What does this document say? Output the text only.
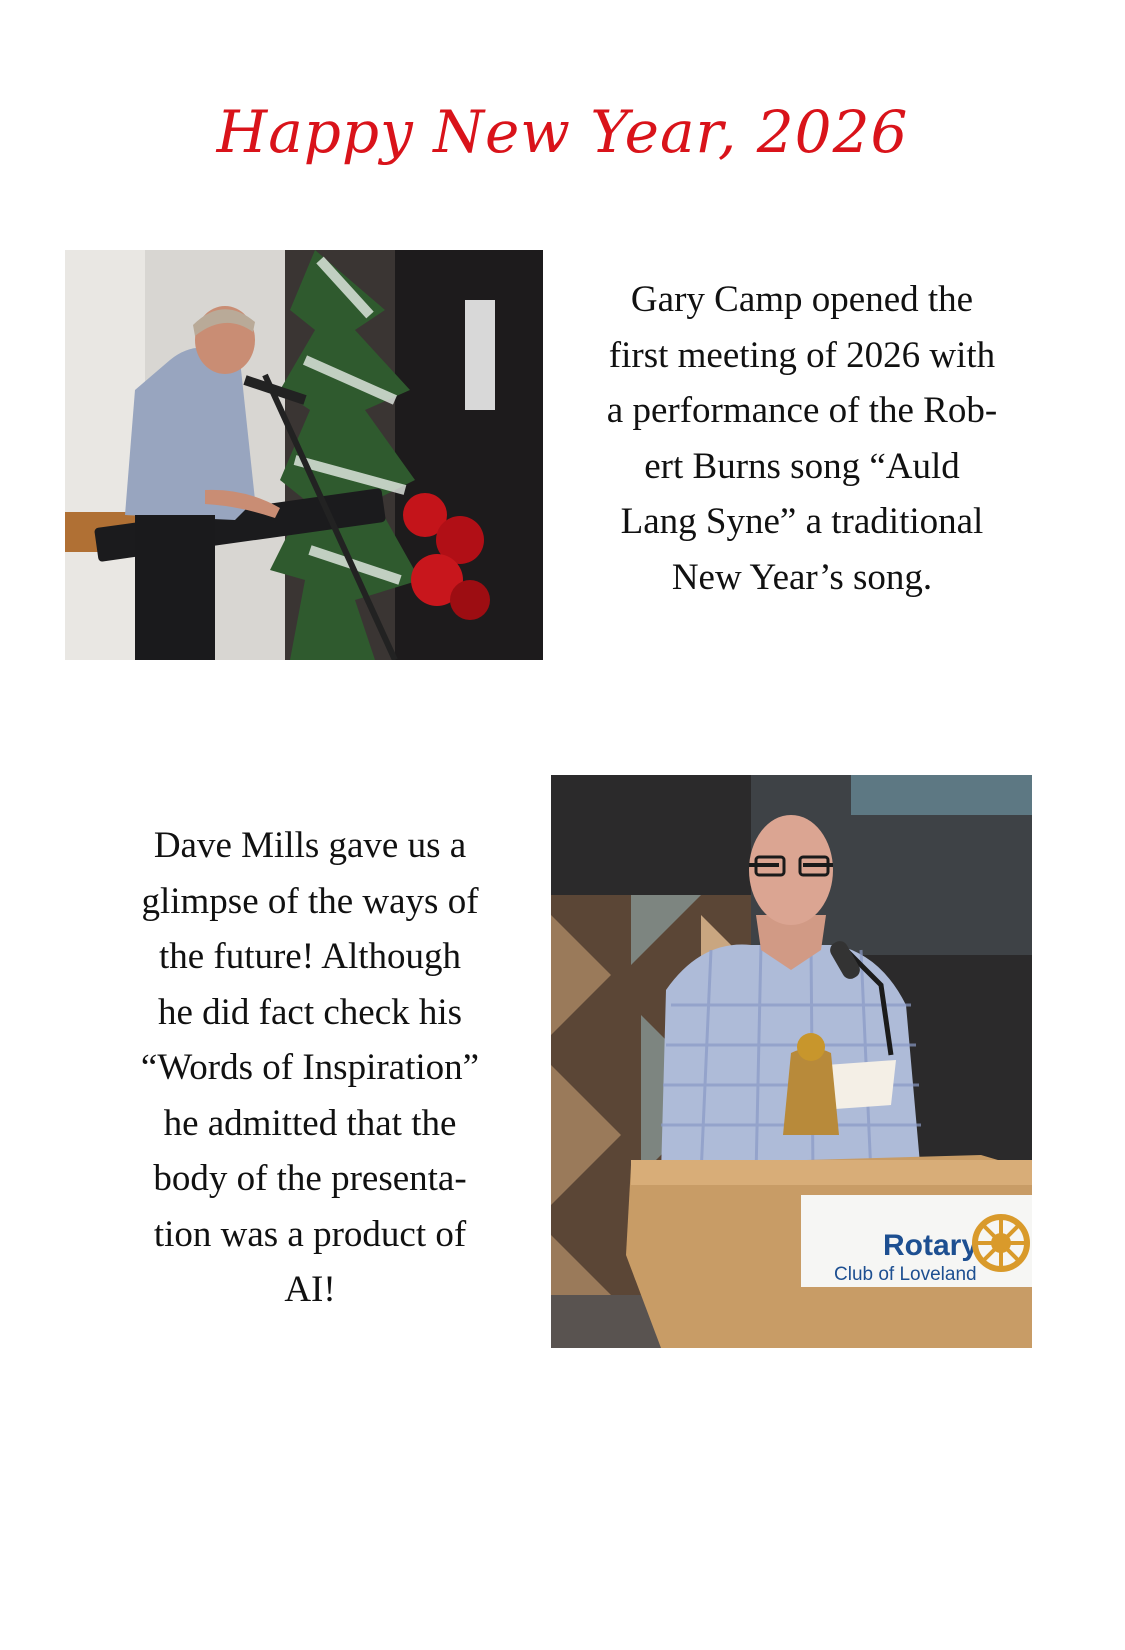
Happy New Year, 2026
Gary Camp opened the
first meeting of 2026 with
a performance of the Rob-
ert Burns song “Auld
Lang Syne” a traditional
New Year’s song.
Dave Mills gave us a
glimpse of the ways of
the future! Although
he did fact check his
“Words of Inspiration”
he admitted that the
body of the presenta-
tion was a product of
AI!
Rotary
Club of Loveland
